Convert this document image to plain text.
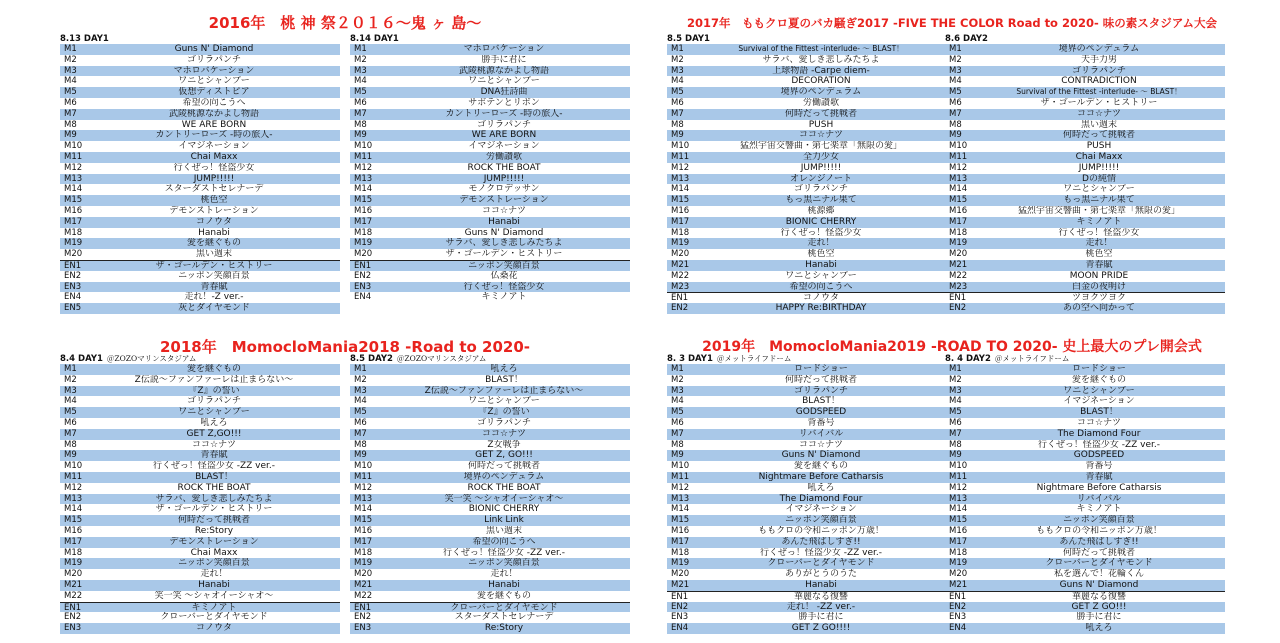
2016年　桃 神 祭２０１６～鬼 ヶ 島～
8.13 DAY1
M1	Guns N' Diamond
M2	ゴリラパンチ
M3	マホロバケーション
M4	ワニとシャンプー
M5	仮想ディストピア
M6	希望の向こうへ
M7	武陵桃源なかよし物語
M8	WE ARE BORN
M9	カントリーローズ -時の旅人-
M10	イマジネーション
M11	Chai Maxx
M12	行くぜっ！怪盗少女
M13	JUMP!!!!!
M14	スターダストセレナーデ
M15	桃色空
M16	デモンストレーション
M17	コノウタ
M18	Hanabi
M19	愛を継ぐもの
M20	黒い週末
EN1	ザ・ゴールデン・ヒストリー
EN2	ニッポン笑顔百景
EN3	青春賦
EN4	走れ！-Z ver.-
EN5	灰とダイヤモンド
8.14 DAY1
M1	マホロバケーション
M2	勝手に君に
M3	武陵桃源なかよし物語
M4	ワニとシャンプー
M5	DNA狂詩曲
M6	サボテンとリボン
M7	カントリーローズ -時の旅人-
M8	ゴリラパンチ
M9	WE ARE BORN
M10	イマジネーション
M11	労働讃歌
M12	ROCK THE BOAT
M13	JUMP!!!!!
M14	モノクロデッサン
M15	デモンストレーション
M16	ココ☆ナツ
M17	Hanabi
M18	Guns N' Diamond
M19	サラバ、愛しき悲しみたちよ
M20	ザ・ゴールデン・ヒストリー
EN1	ニッポン笑顔百景
EN2	仏桑花
EN3	行くぜっ！怪盗少女
EN4	キミノアト
2017年　ももクロ夏のバカ騒ぎ2017 -FIVE THE COLOR Road to 2020- 味の素スタジアム大会
8.5 DAY1
M1	Survival of the Fittest -interlude- ～ BLAST！
M2	サラバ、愛しき悲しみたちよ
M3	上球物語 -Carpe diem-
M4	DECORATION
M5	境界のペンデュラム
M6	労働讃歌
M7	何時だって挑戦者
M8	PUSH
M9	ココ☆ナツ
M10	猛烈宇宙交響曲・第七楽章「無限の愛」
M11	全力少女
M12	JUMP!!!!!
M13	オレンジノート
M14	ゴリラパンチ
M15	もっ黒ニナル果て
M16	桃源郷
M17	BIONIC CHERRY
M18	行くぜっ！怪盗少女
M19	走れ！
M20	桃色空
M21	Hanabi
M22	ワニとシャンプー
M23	希望の向こうへ
EN1	コノウタ
EN2	HAPPY Re:BIRTHDAY
8.6 DAY2
M1	境界のペンデュラム
M2	天手力男
M3	ゴリラパンチ
M4	CONTRADICTION
M5	Survival of the Fittest -interlude- ～ BLAST！
M6	ザ・ゴールデン・ヒストリー
M7	ココ☆ナツ
M8	黒い週末
M9	何時だって挑戦者
M10	PUSH
M11	Chai Maxx
M12	JUMP!!!!!
M13	Dの純情
M14	ワニとシャンプー
M15	もっ黒ニナル果て
M16	猛烈宇宙交響曲・第七楽章「無限の愛」
M17	キミノアト
M18	行くぜっ！怪盗少女
M19	走れ！
M20	桃色空
M21	青春賦
M22	MOON PRIDE
M23	白金の夜明け
EN1	ツヨクツヨク
EN2	あの空へ向かって
2018年　MomocloMania2018 -Road to 2020-
8.4 DAY1 ＠ZOZOマリンスタジアム
M1	愛を継ぐもの
M2	Z伝説～ファンファーレは止まらない～
M3	『Z』の誓い
M4	ゴリラパンチ
M5	ワニとシャンプー
M6	吼えろ
M7	GET Z,GO!!!
M8	ココ☆ナツ
M9	青春賦
M10	行くぜっ！怪盗少女 -ZZ ver.-
M11	BLAST！
M12	ROCK THE BOAT
M13	サラバ、愛しき悲しみたちよ
M14	ザ・ゴールデン・ヒストリー
M15	何時だって挑戦者
M16	Re:Story
M17	デモンストレーション
M18	Chai Maxx
M19	ニッポン笑顔百景
M20	走れ！
M21	Hanabi
M22	笑一笑 ～シャオイーシャオ～
EN1	キミノアト
EN2	クローバーとダイヤモンド
EN3	コノウタ
8.5 DAY2 ＠ZOZOマリンスタジアム
M1	吼えろ
M2	BLAST！
M3	Z伝説～ファンファーレは止まらない～
M4	ワニとシャンプー
M5	『Z』の誓い
M6	ゴリラパンチ
M7	ココ☆ナツ
M8	Z女戦争
M9	GET Z, GO!!!
M10	何時だって挑戦者
M11	境界のペンデュラム
M12	ROCK THE BOAT
M13	笑一笑 ～シャオイーシャオ～
M14	BIONIC CHERRY
M15	Link Link
M16	黒い週末
M17	希望の向こうへ
M18	行くぜっ！怪盗少女 -ZZ ver.-
M19	ニッポン笑顔百景
M20	走れ！
M21	Hanabi
M22	愛を継ぐもの
EN1	クローバーとダイヤモンド
EN2	スターダストセレナーデ
EN3	Re:Story
2019年　MomocloMania2019 -ROAD TO 2020- 史上最大のプレ開会式
8. 3 DAY1 ＠メットライフドーム
M1	ロードショー
M2	何時だって挑戦者
M3	ゴリラパンチ
M4	BLAST！
M5	GODSPEED
M6	背番号
M7	リバイバル
M8	ココ☆ナツ
M9	Guns N' Diamond
M10	愛を継ぐもの
M11	Nightmare Before Catharsis
M12	吼えろ
M13	The Diamond Four
M14	イマジネーション
M15	ニッポン笑顔百景
M16	ももクロの令和ニッポン万歳！
M17	あんた飛ばしすぎ!!
M18	行くぜっ！怪盗少女 -ZZ ver.-
M19	クローバーとダイヤモンド
M20	ありがとうのうた
M21	Hanabi
EN1	華麗なる復讐
EN2	走れ！ -ZZ ver.-
EN3	勝手に君に
EN4	GET Z GO!!!!
8. 4 DAY2 ＠メットライフドーム
M1	ロードショー
M2	愛を継ぐもの
M3	ワニとシャンプー
M4	イマジネーション
M5	BLAST！
M6	ココ☆ナツ
M7	The Diamond Four
M8	行くぜっ！怪盗少女 -ZZ ver.-
M9	GODSPEED
M10	背番号
M11	青春賦
M12	Nightmare Before Catharsis
M13	リバイバル
M14	キミノアト
M15	ニッポン笑顔百景
M16	ももクロの令和ニッポン万歳！
M17	あんた飛ばしすぎ!!
M18	何時だって挑戦者
M19	クローバーとダイヤモンド
M20	私を選んで！花輪くん
M21	Guns N' Diamond
EN1	華麗なる復讐
EN2	GET Z GO!!!
EN3	勝手に君に
EN4	吼えろ
